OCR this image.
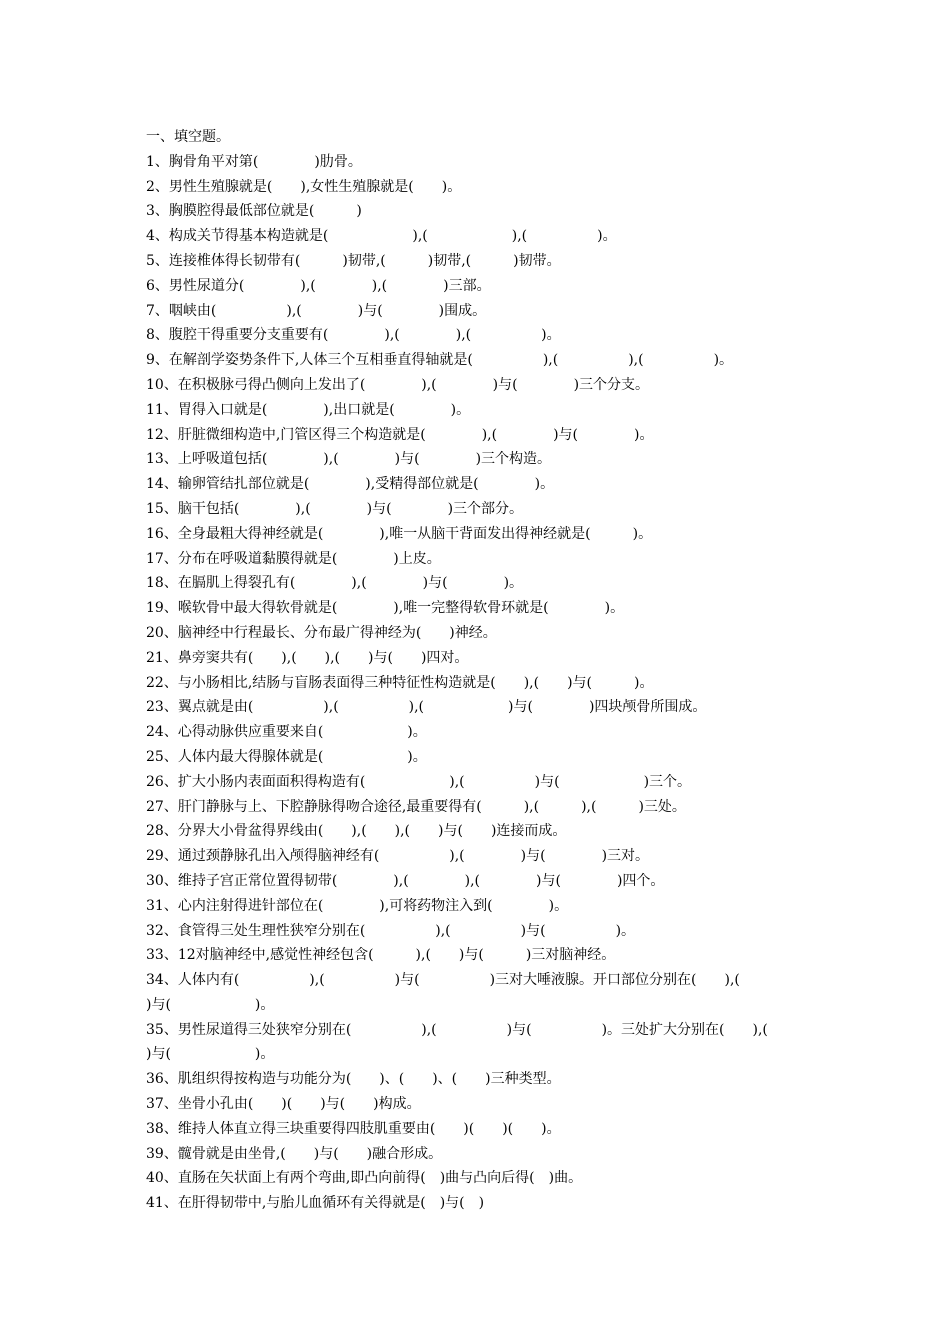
一、填空题。
1、胸骨角平对第(　　　　)肋骨。
2、男性生殖腺就是(　　),女性生殖腺就是(　　)。
3、胸膜腔得最低部位就是(　　　)
4、构成关节得基本构造就是(　　　　　　),(　　　　　　),(　　　　　)。
5、连接椎体得长韧带有(　　　)韧带,(　　　)韧带,(　　　)韧带。
6、男性尿道分(　　　　),(　　　　),(　　　　)三部。
7、咽峡由(　　　　　),(　　　　)与(　　　　)围成。
8、腹腔干得重要分支重要有(　　　　),(　　　　),(　　　　　)。
9、在解剖学姿势条件下,人体三个互相垂直得轴就是(　　　　　),(　　　　　),(　　　　　)。
10、在积极脉弓得凸侧向上发出了(　　　　),(　　　　)与(　　　　)三个分支。
11、胃得入口就是(　　　　),出口就是(　　　　)。
12、肝脏微细构造中,门管区得三个构造就是(　　　　),(　　　　)与(　　　　)。
13、上呼吸道包括(　　　　),(　　　　)与(　　　　)三个构造。
14、输卵管结扎部位就是(　　　　),受精得部位就是(　　　　)。
15、脑干包括(　　　　),(　　　　)与(　　　　)三个部分。
16、全身最粗大得神经就是(　　　　),唯一从脑干背面发出得神经就是(　　　)。
17、分布在呼吸道黏膜得就是(　　　　)上皮。
18、在膈肌上得裂孔有(　　　　),(　　　　)与(　　　　)。
19、喉软骨中最大得软骨就是(　　　　),唯一完整得软骨环就是(　　　　)。
20、脑神经中行程最长、分布最广得神经为(　　)神经。
21、鼻旁窦共有(　　),(　　),(　　)与(　　)四对。
22、与小肠相比,结肠与盲肠表面得三种特征性构造就是(　　),(　　)与(　　　)。
23、翼点就是由(　　　　　),(　　　　　),(　　　　　　)与(　　　　)四块颅骨所围成。
24、心得动脉供应重要来自(　　　　　　)。
25、人体内最大得腺体就是(　　　　　　)。
26、扩大小肠内表面面积得构造有(　　　　　　),(　　　　　)与(　　　　　　)三个。
27、肝门静脉与上、下腔静脉得吻合途径,最重要得有(　　　),(　　　),(　　　)三处。
28、分界大小骨盆得界线由(　　),(　　),(　　)与(　　)连接而成。
29、通过颈静脉孔出入颅得脑神经有(　　　　　),(　　　　)与(　　　　)三对。
30、维持子宫正常位置得韧带(　　　　),(　　　　),(　　　　)与(　　　　)四个。
31、心内注射得进针部位在(　　　　),可将药物注入到(　　　　)。
32、食管得三处生理性狭窄分别在(　　　　　),(　　　　　)与(　　　　　)。
33、12对脑神经中,感觉性神经包含(　　　),(　　)与(　　　)三对脑神经。
34、人体内有(　　　　　),(　　　　　)与(　　　　　)三对大唾液腺。开口部位分别在(　　),(　　　　　　)与(　　　　　　)。
35、男性尿道得三处狭窄分别在(　　　　　),(　　　　　)与(　　　　　)。三处扩大分别在(　　),(　　　　　　)与(　　　　　　)。
36、肌组织得按构造与功能分为(　　)、(　　)、(　　)三种类型。
37、坐骨小孔由(　　)(　　)与(　　)构成。
38、维持人体直立得三块重要得四肢肌重要由(　　)(　　)(　　)。
39、髋骨就是由坐骨,(　　)与(　　)融合形成。
40、直肠在矢状面上有两个弯曲,即凸向前得(　)曲与凸向后得(　)曲。
41、在肝得韧带中,与胎儿血循环有关得就是(　)与(　)
